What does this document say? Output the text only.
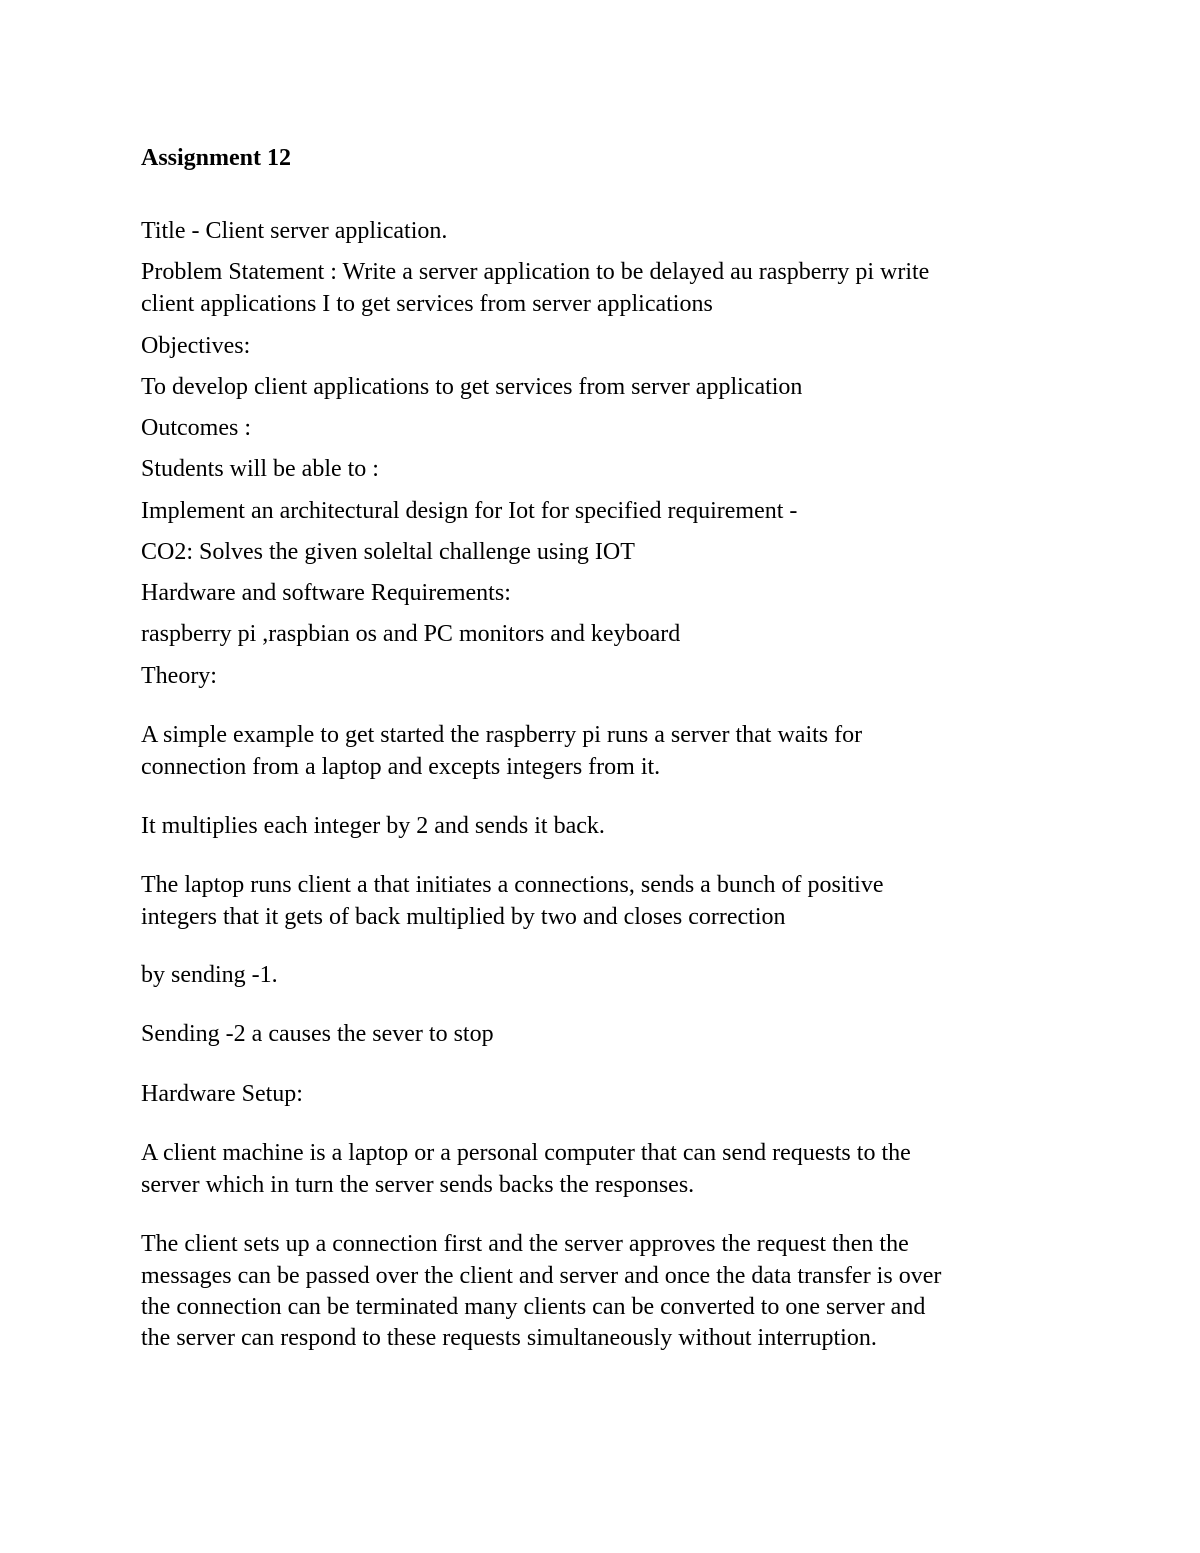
Assignment 12

Title - Client server application.

Problem Statement : Write a server application to be delayed au raspberry pi write

client applications I to get services from server applications

Objectives:

To develop client applications to get services from server application

Outcomes :

Students will be able to :

Implement an architectural design for Iot for specified requirement -

CO2: Solves the given soleltal challenge using IOT

Hardware and software Requirements:

raspberry pi ,raspbian os and PC monitors and keyboard

Theory:

A simple example to get started the raspberry pi runs a server that waits for

connection from a laptop and excepts integers from it.

It multiplies each integer by 2 and sends it back.

The laptop runs client a that initiates a connections, sends a bunch of positive

integers that it gets of back multiplied by two and closes correction

by sending -1.

Sending -2 a causes the sever to stop

Hardware Setup:

A client machine is a laptop or a personal computer that can send requests to the

server which in turn the server sends backs the responses.

The client sets up a connection first and the server approves the request then the

messages can be passed over the client and server and once the data transfer is over

the connection can be terminated many clients can be converted to one server and

the server can respond to these requests simultaneously without interruption.
